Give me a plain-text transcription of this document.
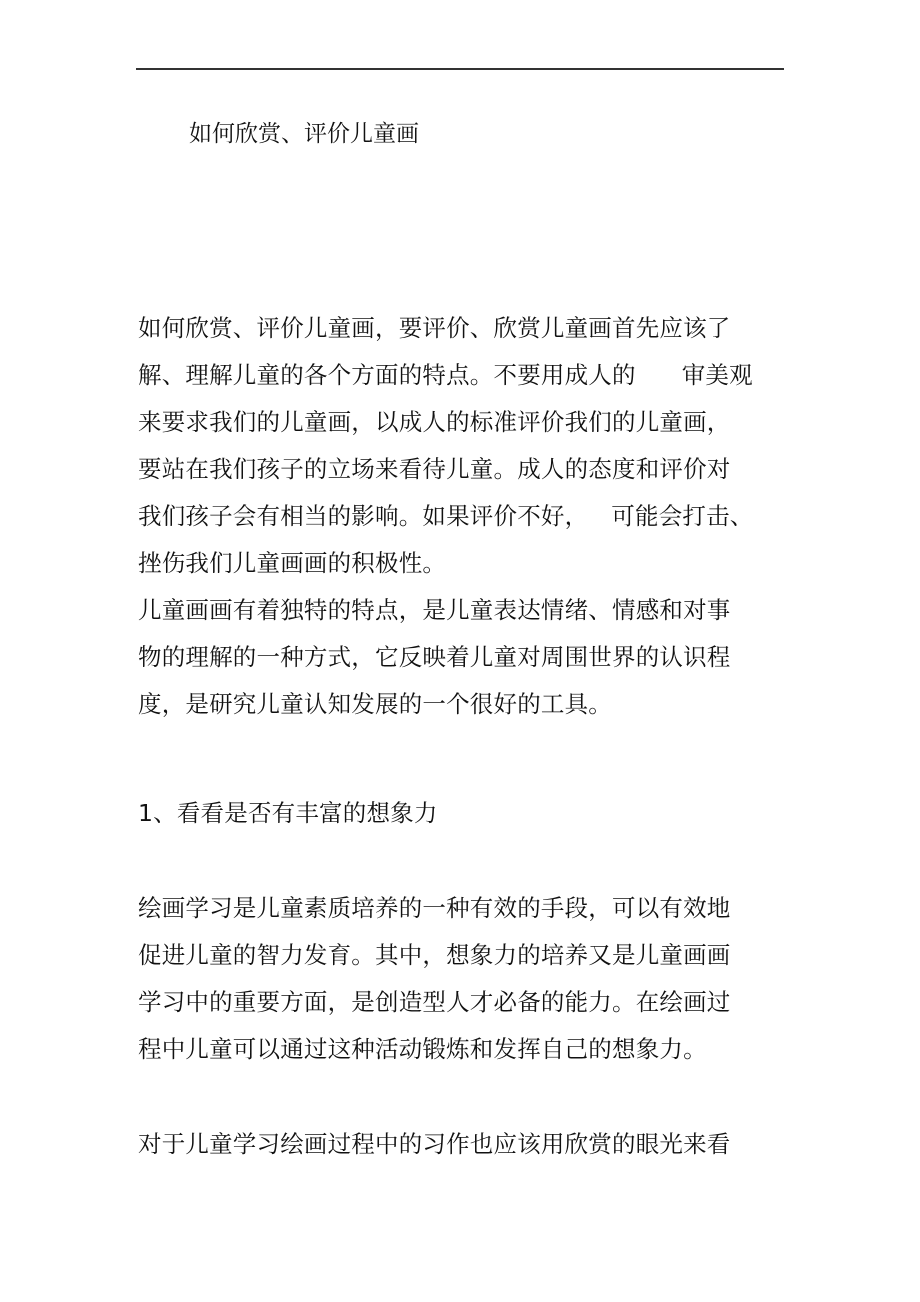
如何欣赏、评价儿童画
如何欣赏、评价儿童画，要评价、欣赏儿童画首先应该了
解、理解儿童的各个方面的特点。不要用成人的      审美观
来要求我们的儿童画，以成人的标准评价我们的儿童画，
要站在我们孩子的立场来看待儿童。成人的态度和评价对
我们孩子会有相当的影响。如果评价不好，   可能会打击、
挫伤我们儿童画画的积极性。
儿童画画有着独特的特点，是儿童表达情绪、情感和对事
物的理解的一种方式，它反映着儿童对周围世界的认识程
度，是研究儿童认知发展的一个很好的工具。
1、看看是否有丰富的想象力
绘画学习是儿童素质培养的一种有效的手段，可以有效地
促进儿童的智力发育。其中，想象力的培养又是儿童画画
学习中的重要方面，是创造型人才必备的能力。在绘画过
程中儿童可以通过这种活动锻炼和发挥自己的想象力。
对于儿童学习绘画过程中的习作也应该用欣赏的眼光来看
